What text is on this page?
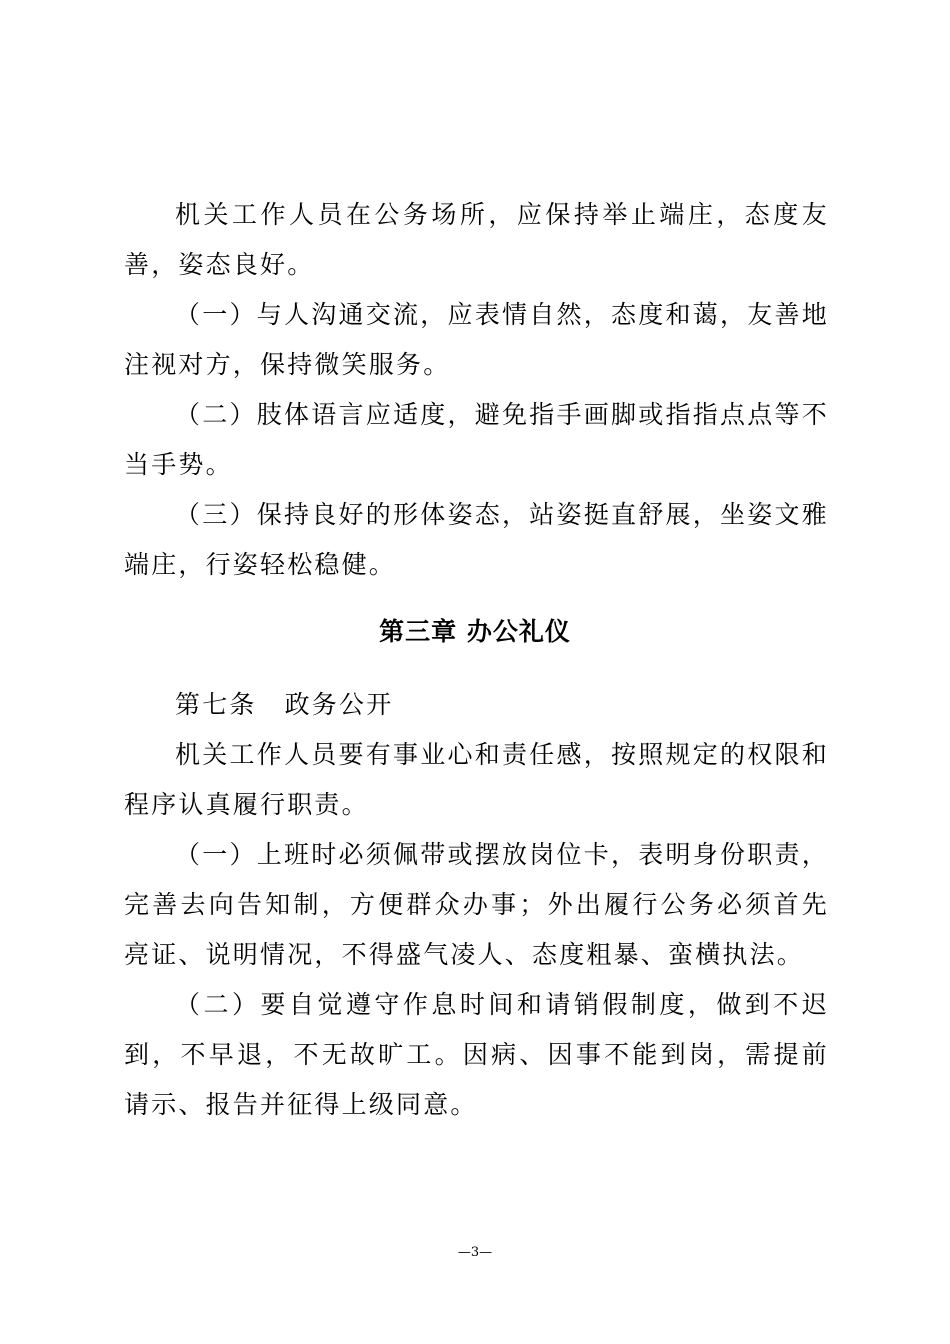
机关工作人员在公务场所，应保持举止端庄，态度友善，姿态良好。

（一）与人沟通交流，应表情自然，态度和蔼，友善地注视对方，保持微笑服务。

（二）肢体语言应适度，避免指手画脚或指指点点等不当手势。

（三）保持良好的形体姿态，站姿挺直舒展，坐姿文雅端庄，行姿轻松稳健。

第三章 办公礼仪

第七条 政务公开

机关工作人员要有事业心和责任感，按照规定的权限和程序认真履行职责。

（一）上班时必须佩带或摆放岗位卡，表明身份职责，完善去向告知制，方便群众办事；外出履行公务必须首先亮证、说明情况，不得盛气凌人、态度粗暴、蛮横执法。

（二）要自觉遵守作息时间和请销假制度，做到不迟到，不早退，不无故旷工。因病、因事不能到岗，需提前请示、报告并征得上级同意。

—3—
